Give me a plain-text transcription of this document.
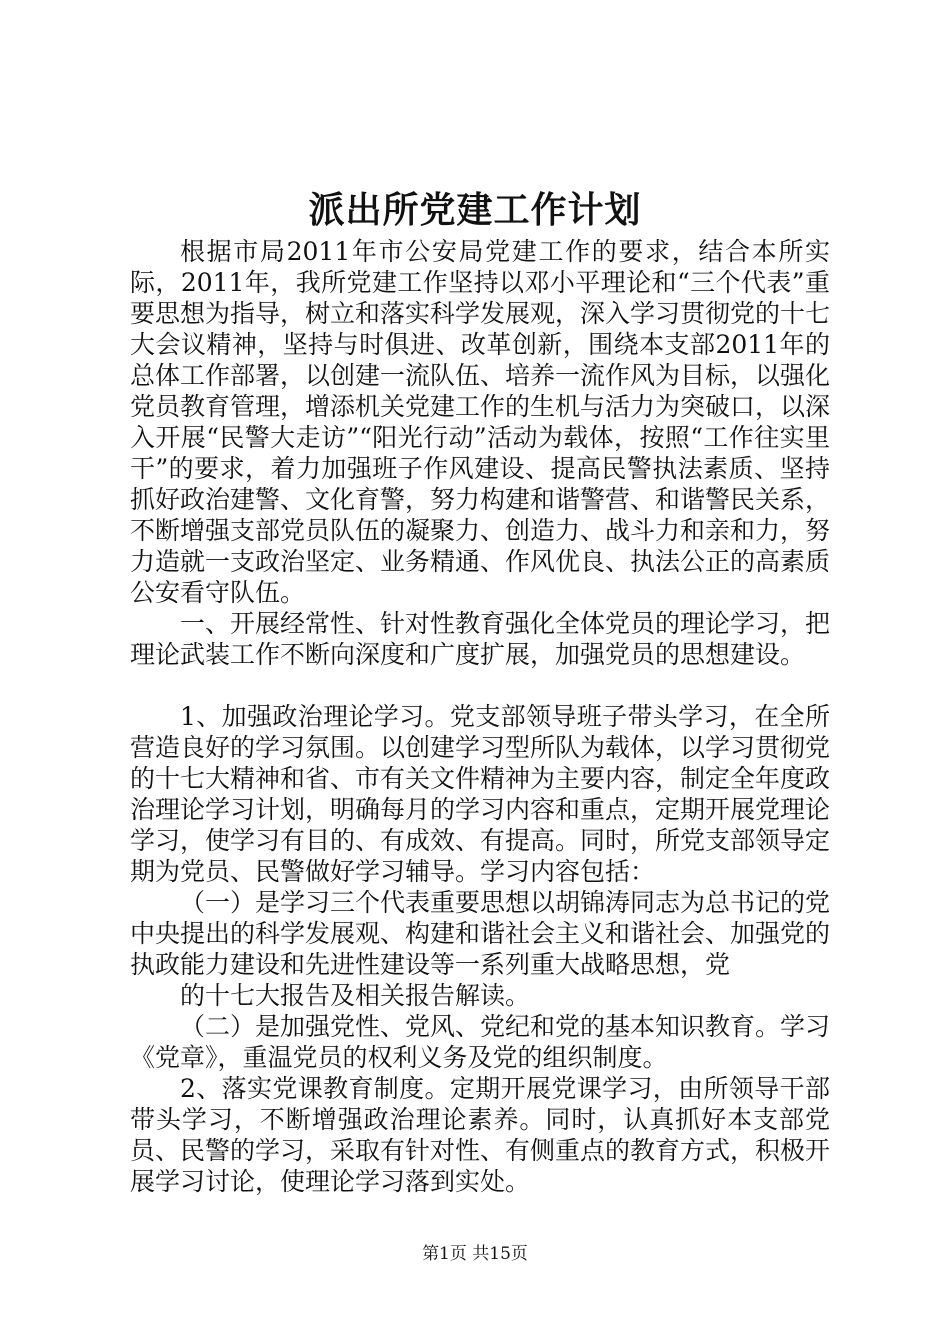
派出所党建工作计划

根据市局2011年市公安局党建工作的要求，结合本所实际，2011年，我所党建工作坚持以邓小平理论和“三个代表”重要思想为指导，树立和落实科学发展观，深入学习贯彻党的十七大会议精神，坚持与时俱进、改革创新，围绕本支部2011年的总体工作部署，以创建一流队伍、培养一流作风为目标，以强化党员教育管理，增添机关党建工作的生机与活力为突破口，以深入开展“民警大走访”“阳光行动”活动为载体，按照“工作往实里干”的要求，着力加强班子作风建设、提高民警执法素质、坚持抓好政治建警、文化育警，努力构建和谐警营、和谐警民关系，不断增强支部党员队伍的凝聚力、创造力、战斗力和亲和力，努力造就一支政治坚定、业务精通、作风优良、执法公正的高素质公安看守队伍。

一、开展经常性、针对性教育强化全体党员的理论学习，把理论武装工作不断向深度和广度扩展，加强党员的思想建设。

1、加强政治理论学习。党支部领导班子带头学习，在全所营造良好的学习氛围。以创建学习型所队为载体，以学习贯彻党的十七大精神和省、市有关文件精神为主要内容，制定全年度政治理论学习计划，明确每月的学习内容和重点，定期开展党理论学习，使学习有目的、有成效、有提高。同时，所党支部领导定期为党员、民警做好学习辅导。学习内容包括：

（一）是学习三个代表重要思想以胡锦涛同志为总书记的党中央提出的科学发展观、构建和谐社会主义和谐社会、加强党的执政能力建设和先进性建设等一系列重大战略思想，党

的十七大报告及相关报告解读。

（二）是加强党性、党风、党纪和党的基本知识教育。学习《党章》，重温党员的权利义务及党的组织制度。

2、落实党课教育制度。定期开展党课学习，由所领导干部带头学习，不断增强政治理论素养。同时，认真抓好本支部党员、民警的学习，采取有针对性、有侧重点的教育方式，积极开展学习讨论，使理论学习落到实处。

第1页 共15页
